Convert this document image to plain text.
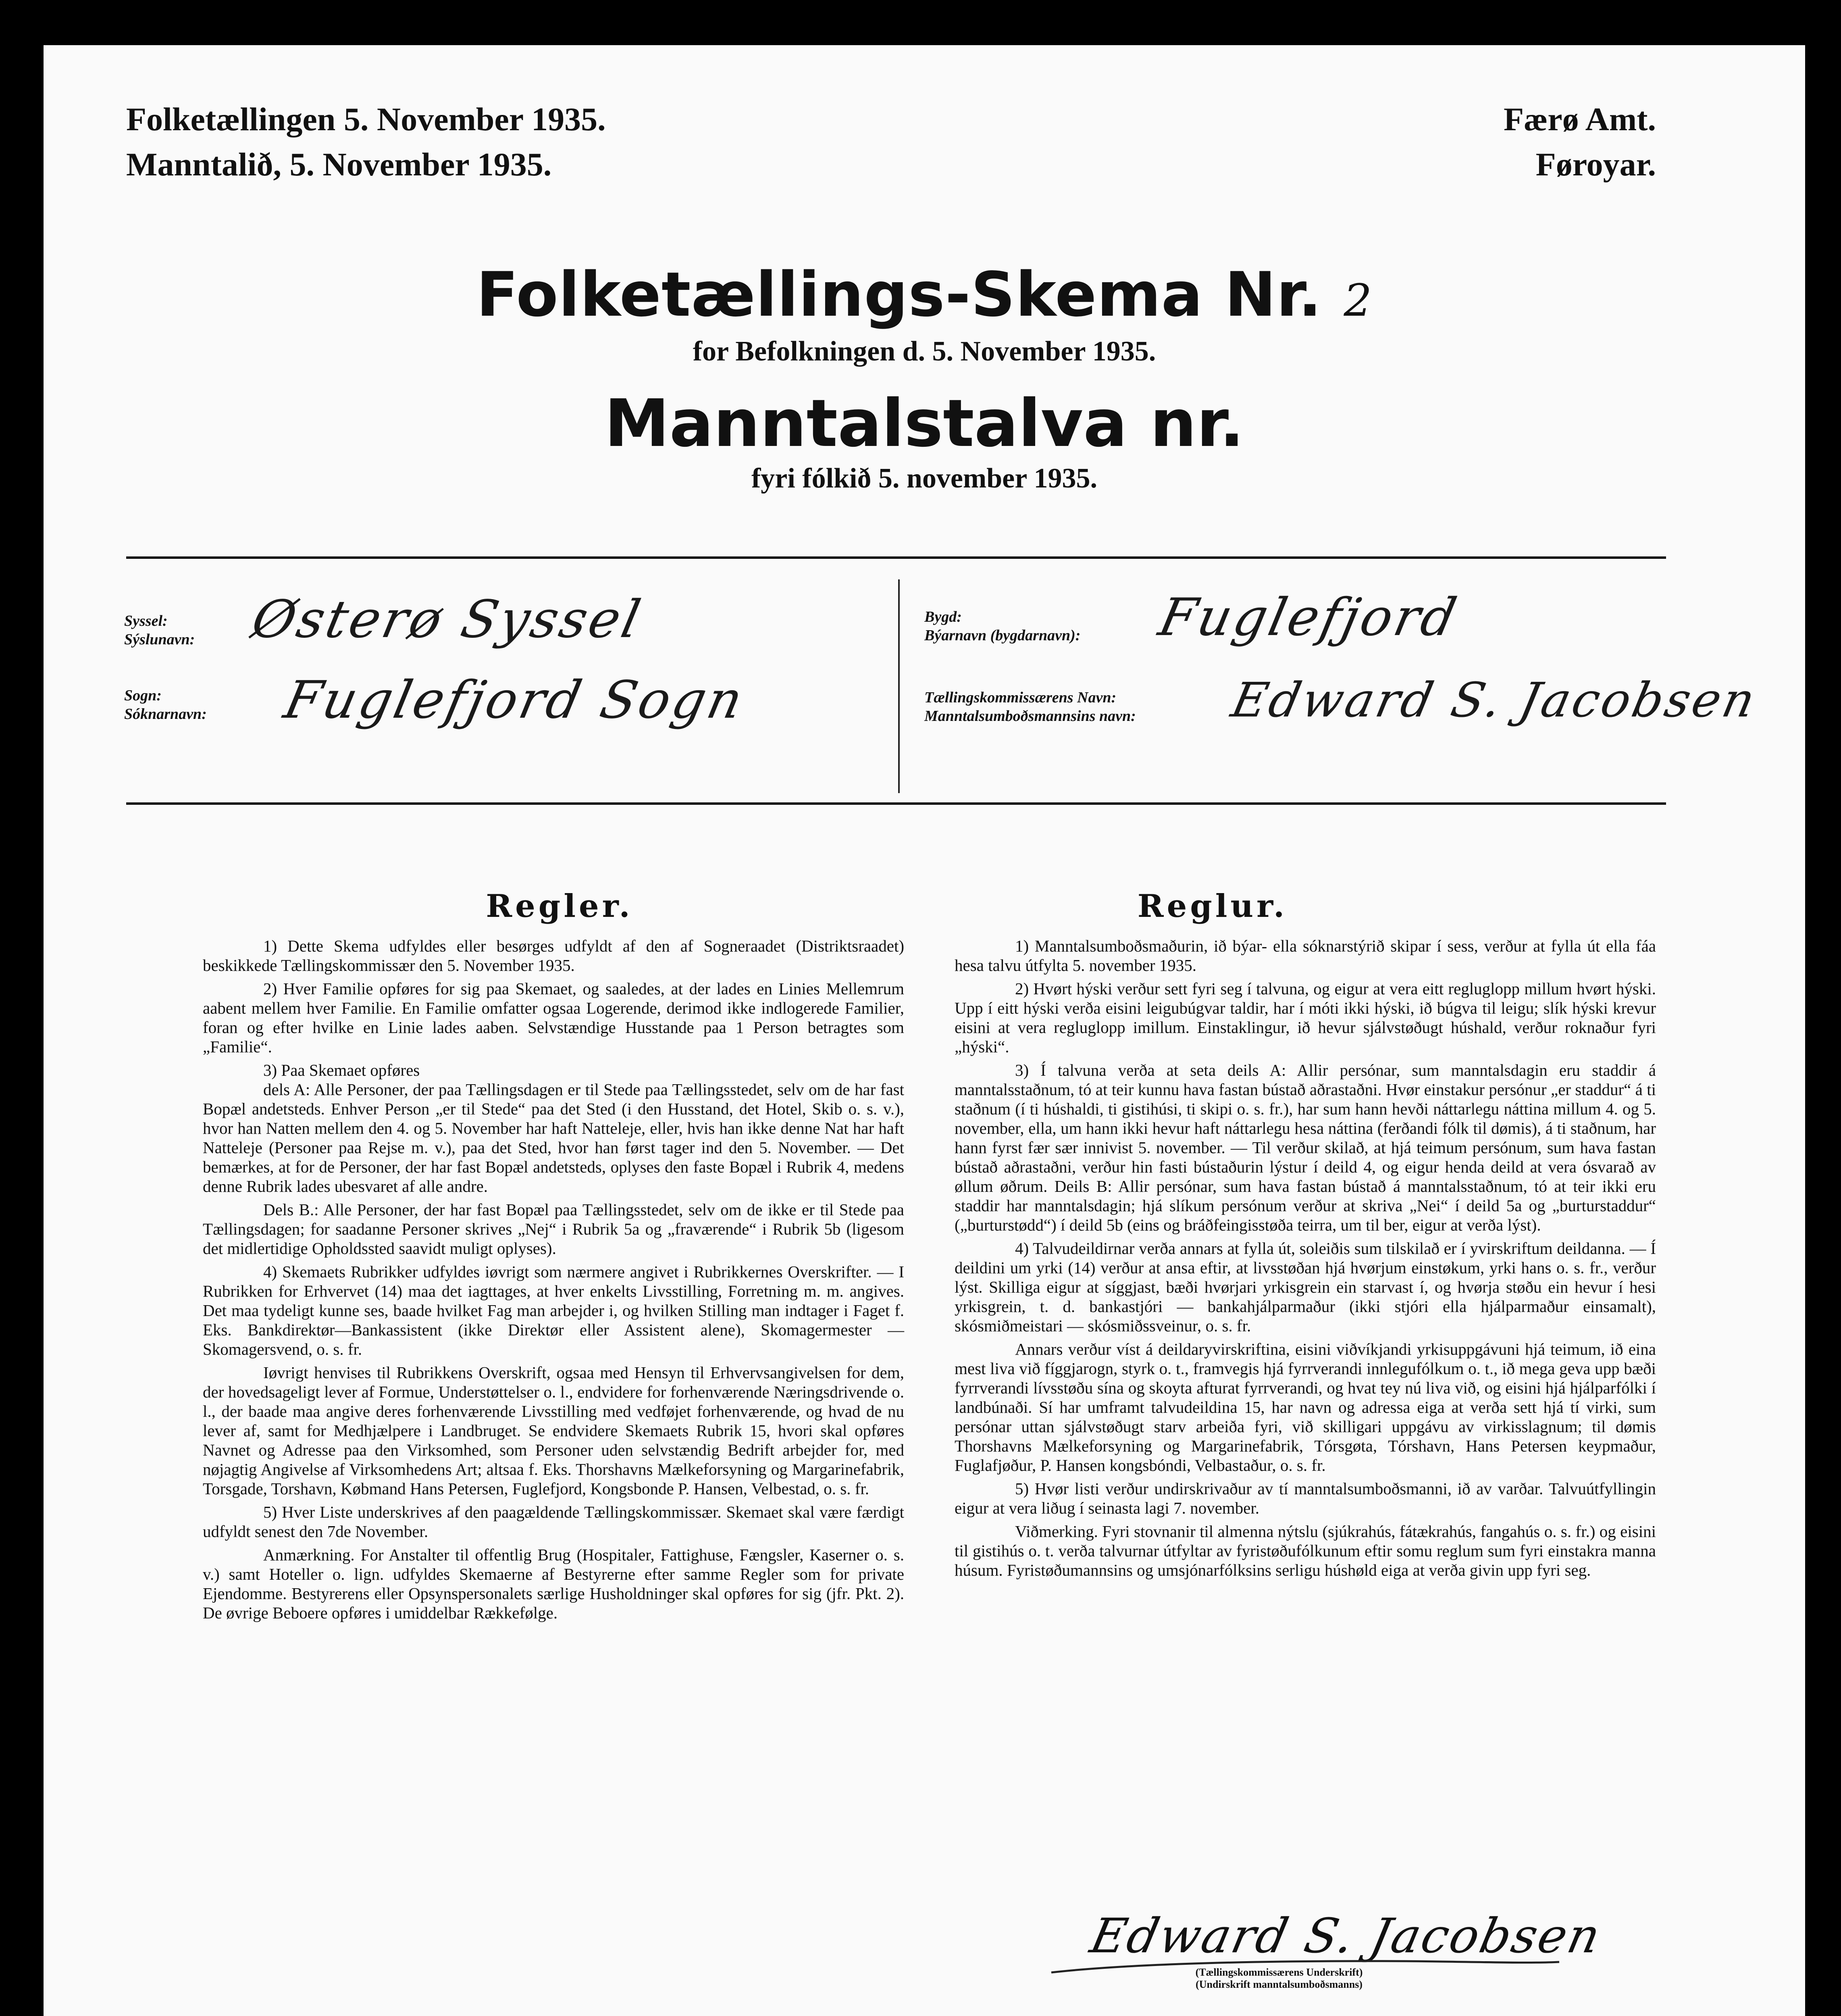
Folketællingen 5. November 1935.
Manntalið, 5. November 1935.
Færø Amt.
Føroyar.
Folketællings-Skema Nr. 2
for Befolkningen d. 5. November 1935.
Manntalstalva nr.
fyri fólkið 5. november 1935.
Syssel:
Sýslunavn: Østerø Syssel
Sogn:
Sóknarnavn: Fuglefjord Sogn
Bygd:
Býarnavn (bygdarnavn): Fuglefjord
Tællingskommissærens Navn:
Manntalsumboðsmannsins navn: Edward S. Jacobsen
Regler.

1) Dette Skema udfyldes eller besørges udfyldt af den af Sogneraadet (Distriktsraadet) beskikkede Tællingskommissær den 5. November 1935.

2) Hver Familie opføres for sig paa Skemaet, og saaledes, at der lades en Linies Mellemrum aabent mellem hver Familie. En Familie omfatter ogsaa Logerende, derimod ikke indlogerede Familier, foran og efter hvilke en Linie lades aaben. Selvstændige Husstande paa 1 Person betragtes som „Familie“.

3) Paa Skemaet opføres

dels A: Alle Personer, der paa Tællingsdagen er til Stede paa Tællingsstedet, selv om de har fast Bopæl andetsteds. Enhver Person „er til Stede“ paa det Sted (i den Husstand, det Hotel, Skib o. s. v.), hvor han Natten mellem den 4. og 5. November har haft Natteleje, eller, hvis han ikke denne Nat har haft Natteleje (Personer paa Rejse m. v.), paa det Sted, hvor han først tager ind den 5. November. — Det bemærkes, at for de Personer, der har fast Bopæl andetsteds, oplyses den faste Bopæl i Rubrik 4, medens denne Rubrik lades ubesvaret af alle andre.

Dels B.: Alle Personer, der har fast Bopæl paa Tællingsstedet, selv om de ikke er til Stede paa Tællingsdagen; for saadanne Personer skrives „Nej“ i Rubrik 5a og „fraværende“ i Rubrik 5b (ligesom det midlertidige Opholdssted saavidt muligt oplyses).

4) Skemaets Rubrikker udfyldes iøvrigt som nærmere angivet i Rubrikkernes Overskrifter. — I Rubrikken for Erhvervet (14) maa det iagttages, at hver enkelts Livsstilling, Forretning m. m. angives. Det maa tydeligt kunne ses, baade hvilket Fag man arbejder i, og hvilken Stilling man indtager i Faget f. Eks. Bankdirektør—Bankassistent (ikke Direktør eller Assistent alene), Skomagermester — Skomagersvend, o. s. fr.

Iøvrigt henvises til Rubrikkens Overskrift, ogsaa med Hensyn til Erhvervsangivelsen for dem, der hovedsageligt lever af Formue, Understøttelser o. l., endvidere for forhenværende Næringsdrivende o. l., der baade maa angive deres forhenværende Livsstilling med vedføjet forhenværende, og hvad de nu lever af, samt for Medhjælpere i Landbruget. Se endvidere Skemaets Rubrik 15, hvori skal opføres Navnet og Adresse paa den Virksomhed, som Personer uden selvstændig Bedrift arbejder for, med nøjagtig Angivelse af Virksomhedens Art; altsaa f. Eks. Thorshavns Mælkeforsyning og Margarinefabrik, Torsgade, Torshavn, Købmand Hans Petersen, Fuglefjord, Kongsbonde P. Hansen, Velbestad, o. s. fr.

5) Hver Liste underskrives af den paagældende Tællingskommissær. Skemaet skal være færdigt udfyldt senest den 7de November.

Anmærkning. For Anstalter til offentlig Brug (Hospitaler, Fattighuse, Fængsler, Kaserner o. s. v.) samt Hoteller o. lign. udfyldes Skemaerne af Bestyrerne efter samme Regler som for private Ejendomme. Bestyrerens eller Opsynspersonalets særlige Husholdninger skal opføres for sig (jfr. Pkt. 2). De øvrige Beboere opføres i umiddelbar Rækkefølge.

Reglur.

1) Manntalsumboðsmaðurin, ið býar- ella sóknarstýrið skipar í sess, verður at fylla út ella fáa hesa talvu útfylta 5. november 1935.

2) Hvørt hýski verður sett fyri seg í talvuna, og eigur at vera eitt regluglopp millum hvørt hýski. Upp í eitt hýski verða eisini leigubúgvar taldir, har í móti ikki hýski, ið búgva til leigu; slík hýski krevur eisini at vera regluglopp imillum. Einstaklingur, ið hevur sjálvstøðugt húshald, verður roknaður fyri „hýski“.

3) Í talvuna verða at seta deils A: Allir persónar, sum manntalsdagin eru staddir á manntalsstaðnum, tó at teir kunnu hava fastan bústað aðrastaðni. Hvør einstakur persónur „er staddur“ á ti staðnum (í ti húshaldi, ti gistihúsi, ti skipi o. s. fr.), har sum hann hevði náttarlegu náttina millum 4. og 5. november, ella, um hann ikki hevur haft náttarlegu hesa náttina (ferðandi fólk til dømis), á ti staðnum, har hann fyrst fær sær innivist 5. november. — Til verður skilað, at hjá teimum persónum, sum hava fastan bústað aðrastaðni, verður hin fasti bústaðurin lýstur í deild 4, og eigur henda deild at vera ósvarað av øllum øðrum. Deils B: Allir persónar, sum hava fastan bústað á manntalsstaðnum, tó at teir ikki eru staddir har manntalsdagin; hjá slíkum persónum verður at skriva „Nei“ í deild 5a og „burturstaddur“ („burturstødd“) í deild 5b (eins og bráðfeingisstøða teirra, um til ber, eigur at verða lýst).

4) Talvudeildirnar verða annars at fylla út, soleiðis sum tilskilað er í yvirskriftum deildanna. — Í deildini um yrki (14) verður at ansa eftir, at livsstøðan hjá hvørjum einstøkum, yrki hans o. s. fr., verður lýst. Skilliga eigur at síggjast, bæði hvørjari yrkisgrein ein starvast í, og hvørja støðu ein hevur í hesi yrkisgrein, t. d. bankastjóri — bankahjálparmaður (ikki stjóri ella hjálparmaður einsamalt), skósmiðmeistari — skósmiðssveinur, o. s. fr.

Annars verður víst á deildaryvirskriftina, eisini viðvíkjandi yrkisuppgávuni hjá teimum, ið eina mest liva við fíggjarogn, styrk o. t., framvegis hjá fyrrverandi innlegufólkum o. t., ið mega geva upp bæði fyrrverandi lívsstøðu sína og skoyta afturat fyrrverandi, og hvat tey nú liva við, og eisini hjá hjálparfólki í landbúnaði. Sí har umframt talvudeildina 15, har navn og adressa eiga at verða sett hjá tí virki, sum persónar uttan sjálvstøðugt starv arbeiða fyri, við skilligari uppgávu av virkisslagnum; til dømis Thorshavns Mælkeforsyning og Margarinefabrik, Tórsgøta, Tórshavn, Hans Petersen keypmaður, Fuglafjøður, P. Hansen kongsbóndi, Velbastaður, o. s. fr.

5) Hvør listi verður undirskrivaður av tí manntalsumboðsmanni, ið av varðar. Talvuútfyllingin eigur at vera liðug í seinasta lagi 7. november.

Viðmerking. Fyri stovnanir til almenna nýtslu (sjúkrahús, fátækrahús, fangahús o. s. fr.) og eisini til gistihús o. t. verða talvurnar útfyltar av fyristøðufólkunum eftir somu reglum sum fyri einstakra manna húsum. Fyristøðumannsins og umsjónarfólksins serligu húshøld eiga at verða givin upp fyri seg.

Edward S. Jacobsen
(Tællingskommissærens Underskrift)
(Undirskrift manntalsumboðsmanns)
